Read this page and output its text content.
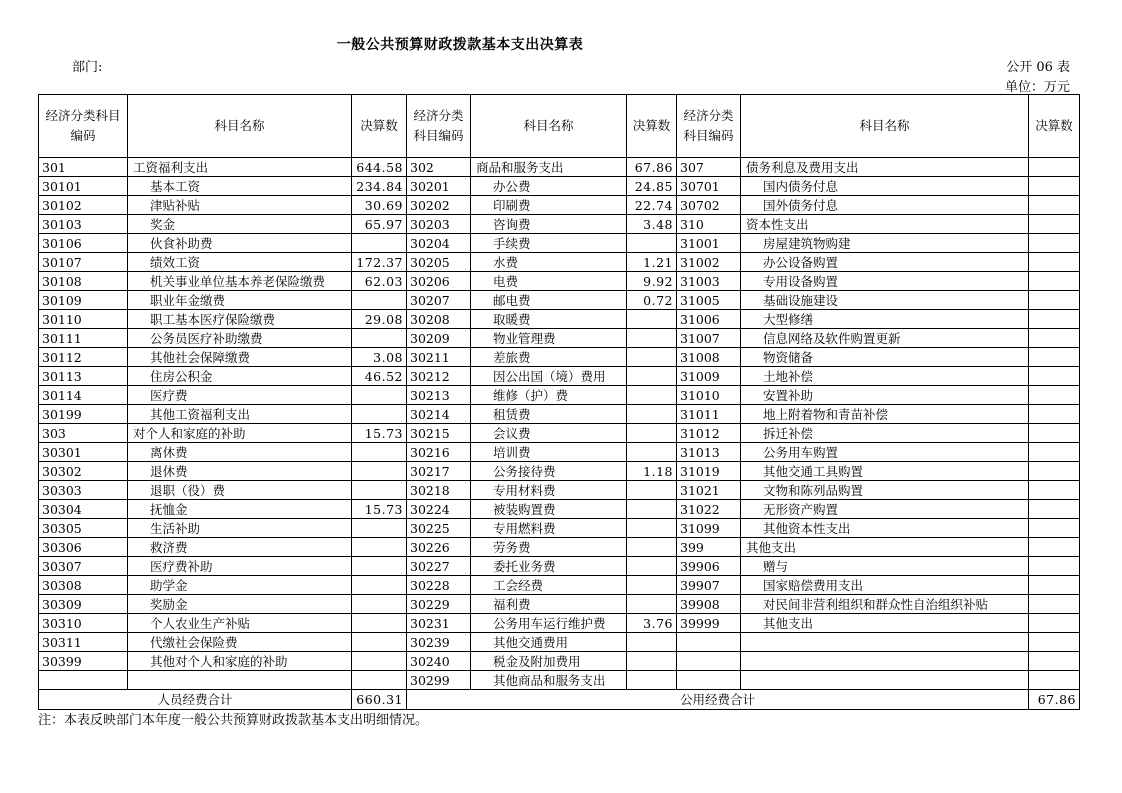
一般公共预算财政拨款基本支出决算表
部门:	公开 06 表
单位：万元
经济分类科目编码	科目名称	决算数	经济分类科目编码	科目名称	决算数	经济分类科目编码	科目名称	决算数
301	工资福利支出	644.58	302	商品和服务支出	67.86	307	债务利息及费用支出	
30101	基本工资	234.84	30201	办公费	24.85	30701	国内债务付息	
30102	津贴补贴	30.69	30202	印刷费	22.74	30702	国外债务付息	
30103	奖金	65.97	30203	咨询费	3.48	310	资本性支出	
30106	伙食补助费		30204	手续费		31001	房屋建筑物购建	
30107	绩效工资	172.37	30205	水费	1.21	31002	办公设备购置	
30108	机关事业单位基本养老保险缴费	62.03	30206	电费	9.92	31003	专用设备购置	
30109	职业年金缴费		30207	邮电费	0.72	31005	基础设施建设	
30110	职工基本医疗保险缴费	29.08	30208	取暖费		31006	大型修缮	
30111	公务员医疗补助缴费		30209	物业管理费		31007	信息网络及软件购置更新	
30112	其他社会保障缴费	3.08	30211	差旅费		31008	物资储备	
30113	住房公积金	46.52	30212	因公出国（境）费用		31009	土地补偿	
30114	医疗费		30213	维修（护）费		31010	安置补助	
30199	其他工资福利支出		30214	租赁费		31011	地上附着物和青苗补偿	
303	对个人和家庭的补助	15.73	30215	会议费		31012	拆迁补偿	
30301	离休费		30216	培训费		31013	公务用车购置	
30302	退休费		30217	公务接待费	1.18	31019	其他交通工具购置	
30303	退职（役）费		30218	专用材料费		31021	文物和陈列品购置	
30304	抚恤金	15.73	30224	被装购置费		31022	无形资产购置	
30305	生活补助		30225	专用燃料费		31099	其他资本性支出	
30306	救济费		30226	劳务费		399	其他支出	
30307	医疗费补助		30227	委托业务费		39906	赠与	
30308	助学金		30228	工会经费		39907	国家赔偿费用支出	
30309	奖励金		30229	福利费		39908	对民间非营利组织和群众性自治组织补贴	
30310	个人农业生产补贴		30231	公务用车运行维护费	3.76	39999	其他支出	
30311	代缴社会保险费		30239	其他交通费用				
30399	其他对个人和家庭的补助		30240	税金及附加费用				
			30299	其他商品和服务支出				
人员经费合计		660.31	公用经费合计					67.86
注：本表反映部门本年度一般公共预算财政拨款基本支出明细情况。
